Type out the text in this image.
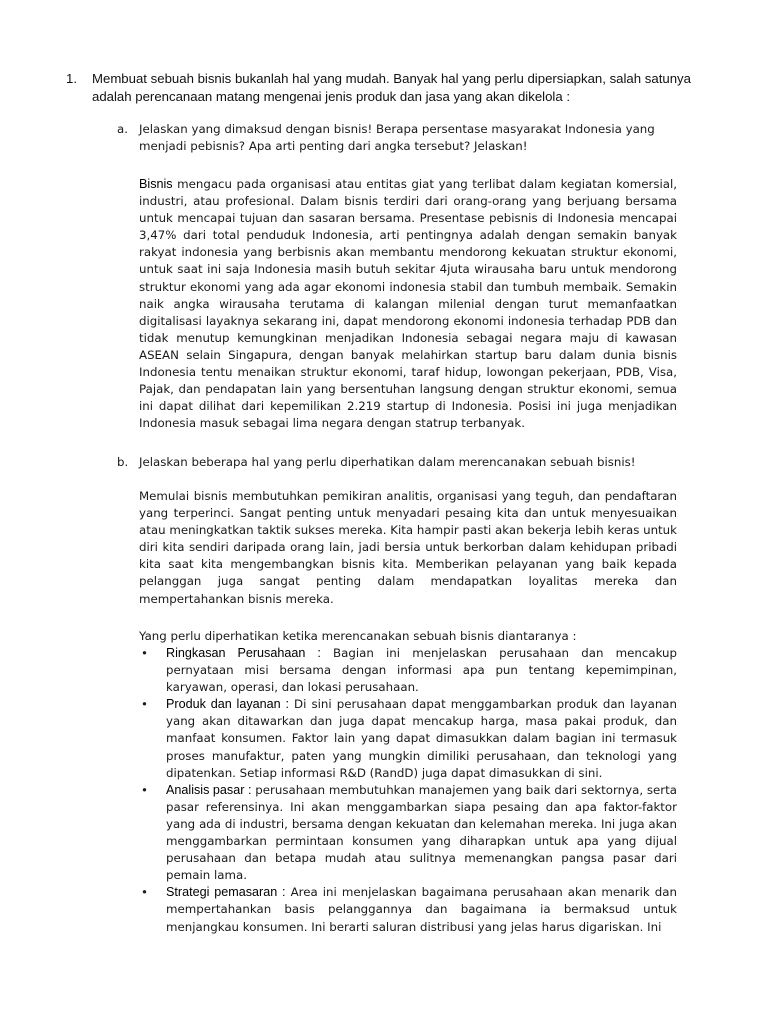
1. Membuat sebuah bisnis bukanlah hal yang mudah. Banyak hal yang perlu dipersiapkan, salah satunya adalah perencanaan matang mengenai jenis produk dan jasa yang akan dikelola :
a. Jelaskan yang dimaksud dengan bisnis! Berapa persentase masyarakat Indonesia yang menjadi pebisnis? Apa arti penting dari angka tersebut? Jelaskan!
Bisnis mengacu pada organisasi atau entitas giat yang terlibat dalam kegiatan komersial, industri, atau profesional. Dalam bisnis terdiri dari orang-orang yang berjuang bersama untuk mencapai tujuan dan sasaran bersama. Presentase pebisnis di Indonesia mencapai 3,47% dari total penduduk Indonesia, arti pentingnya adalah dengan semakin banyak rakyat indonesia yang berbisnis akan membantu mendorong kekuatan struktur ekonomi, untuk saat ini saja Indonesia masih butuh sekitar 4juta wirausaha baru untuk mendorong struktur ekonomi yang ada agar ekonomi indonesia stabil dan tumbuh membaik. Semakin naik angka wirausaha terutama di kalangan milenial dengan turut memanfaatkan digitalisasi layaknya sekarang ini, dapat mendorong ekonomi indonesia terhadap PDB dan tidak menutup kemungkinan menjadikan Indonesia sebagai negara maju di kawasan ASEAN selain Singapura, dengan banyak melahirkan startup baru dalam dunia bisnis Indonesia tentu menaikan struktur ekonomi, taraf hidup, lowongan pekerjaan, PDB, Visa, Pajak, dan pendapatan lain yang bersentuhan langsung dengan struktur ekonomi, semua ini dapat dilihat dari kepemilikan 2.219 startup di Indonesia. Posisi ini juga menjadikan Indonesia masuk sebagai lima negara dengan statrup terbanyak.
b. Jelaskan beberapa hal yang perlu diperhatikan dalam merencanakan sebuah bisnis!
Memulai bisnis membutuhkan pemikiran analitis, organisasi yang teguh, dan pendaftaran yang terperinci. Sangat penting untuk menyadari pesaing kita dan untuk menyesuaikan atau meningkatkan taktik sukses mereka. Kita hampir pasti akan bekerja lebih keras untuk diri kita sendiri daripada orang lain, jadi bersia untuk berkorban dalam kehidupan pribadi kita saat kita mengembangkan bisnis kita. Memberikan pelayanan yang baik kepada pelanggan juga sangat penting dalam mendapatkan loyalitas mereka dan mempertahankan bisnis mereka.
Yang perlu diperhatikan ketika merencanakan sebuah bisnis diantaranya :
• Ringkasan Perusahaan : Bagian ini menjelaskan perusahaan dan mencakup pernyataan misi bersama dengan informasi apa pun tentang kepemimpinan, karyawan, operasi, dan lokasi perusahaan.
• Produk dan layanan : Di sini perusahaan dapat menggambarkan produk dan layanan yang akan ditawarkan dan juga dapat mencakup harga, masa pakai produk, dan manfaat konsumen. Faktor lain yang dapat dimasukkan dalam bagian ini termasuk proses manufaktur, paten yang mungkin dimiliki perusahaan, dan teknologi yang dipatenkan. Setiap informasi R&D (RandD) juga dapat dimasukkan di sini.
• Analisis pasar : perusahaan membutuhkan manajemen yang baik dari sektornya, serta pasar referensinya. Ini akan menggambarkan siapa pesaing dan apa faktor-faktor yang ada di industri, bersama dengan kekuatan dan kelemahan mereka. Ini juga akan menggambarkan permintaan konsumen yang diharapkan untuk apa yang dijual perusahaan dan betapa mudah atau sulitnya memenangkan pangsa pasar dari pemain lama.
• Strategi pemasaran : Area ini menjelaskan bagaimana perusahaan akan menarik dan mempertahankan basis pelanggannya dan bagaimana ia bermaksud untuk menjangkau konsumen. Ini berarti saluran distribusi yang jelas harus digariskan. Ini
